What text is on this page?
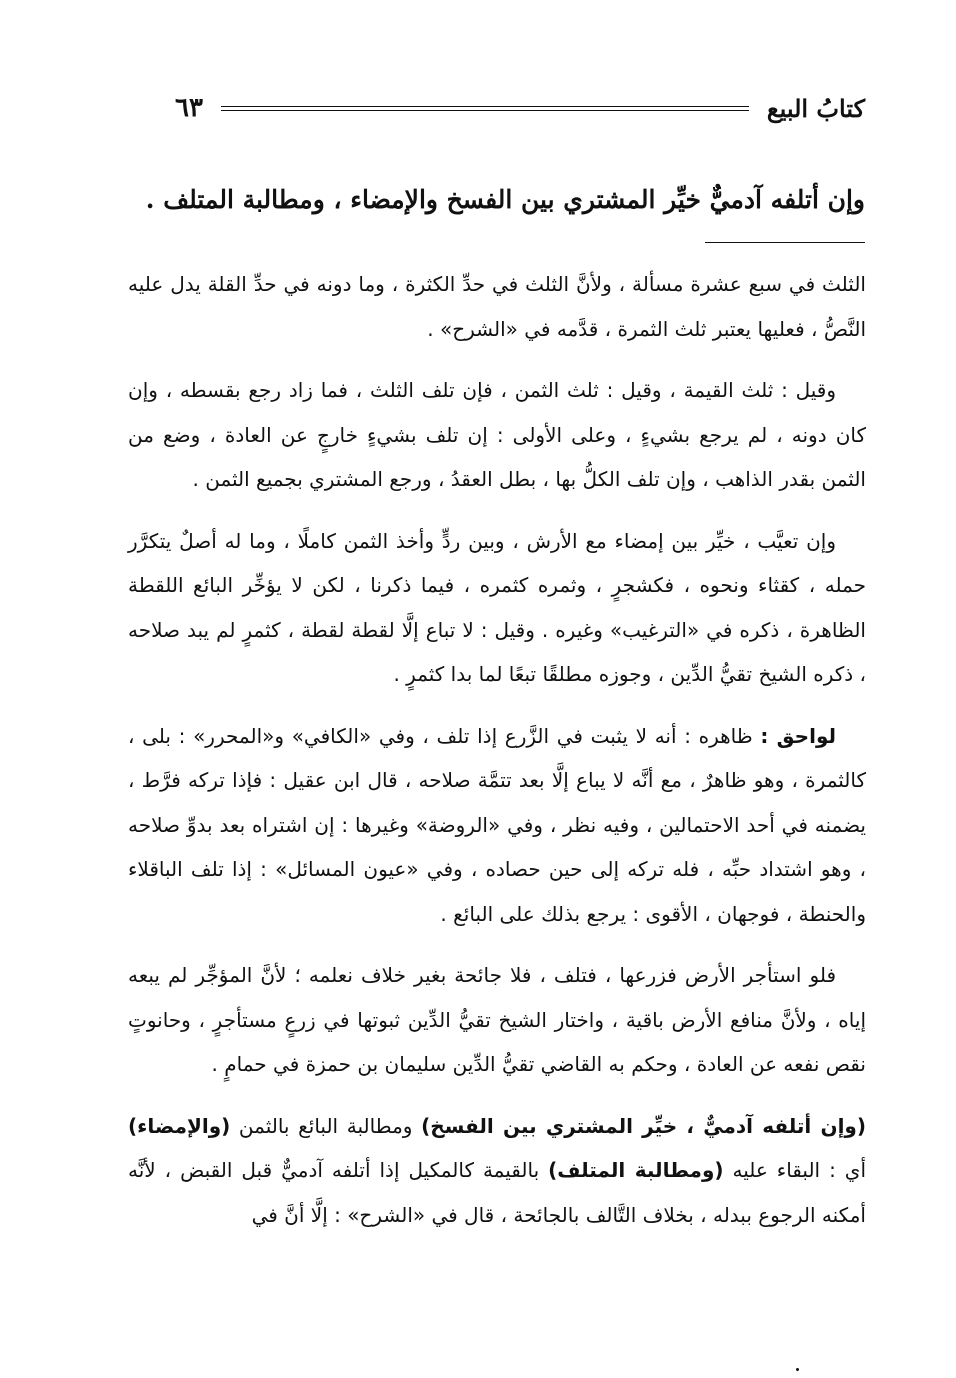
كتابُ البيع
٦٣
وإن أتلفه آدميٌّ خيِّر المشتري بين الفسخ والإمضاء ، ومطالبة المتلف .

الثلث في سبع عشرة مسألة ، ولأنَّ الثلث في حدِّ الكثرة ، وما دونه في حدِّ القلة يدل عليه النَّصُّ ، فعليها يعتبر ثلث الثمرة ، قدَّمه في «الشرح» .

وقيل : ثلث القيمة ، وقيل : ثلث الثمن ، فإن تلف الثلث ، فما زاد رجع بقسطه ، وإن كان دونه ، لم يرجع بشيءٍ ، وعلى الأولى : إن تلف بشيءٍ خارجٍ عن العادة ، وضع من الثمن بقدر الذاهب ، وإن تلف الكلُّ بها ، بطل العقدُ ، ورجع المشتري بجميع الثمن .

وإن تعيَّب ، خيِّر بين إمضاء مع الأرش ، وبين ردٍّ وأخذ الثمن كاملًا ، وما له أصلٌ يتكرَّر حمله ، كقثاء ونحوه ، فكشجرٍ ، وثمره كثمره ، فيما ذكرنا ، لكن لا يؤخِّر البائع اللقطة الظاهرة ، ذكره في «الترغيب» وغيره . وقيل : لا تباع إلَّا لقطة لقطة ، كثمرٍ لم يبد صلاحه ، ذكره الشيخ تقيُّ الدِّين ، وجوزه مطلقًا تبعًا لما بدا كثمرٍ .

لواحق : ظاهره : أنه لا يثبت في الزَّرع إذا تلف ، وفي «الكافي» و«المحرر» : بلى ، كالثمرة ، وهو ظاهرٌ ، مع أنَّه لا يباع إلَّا بعد تتمَّة صلاحه ، قال ابن عقيل : فإذا تركه فرَّط ، يضمنه في أحد الاحتمالين ، وفيه نظر ، وفي «الروضة» وغيرها : إن اشتراه بعد بدوِّ صلاحه ، وهو اشتداد حبِّه ، فله تركه إلى حين حصاده ، وفي «عيون المسائل» : إذا تلف الباقلاء والحنطة ، فوجهان ، الأقوى : يرجع بذلك على البائع .

فلو استأجر الأرض فزرعها ، فتلف ، فلا جائحة بغير خلاف نعلمه ؛ لأنَّ المؤجِّر لم يبعه إياه ، ولأنَّ منافع الأرض باقية ، واختار الشيخ تقيُّ الدِّين ثبوتها في زرعٍ مستأجرٍ ، وحانوتٍ نقص نفعه عن العادة ، وحكم به القاضي تقيُّ الدِّين سليمان بن حمزة في حمامٍ .

(وإن أتلفه آدميٌّ ، خيِّر المشتري بين الفسخ) ومطالبة البائع بالثمن (والإمضاء) أي : البقاء عليه (ومطالبة المتلف) بالقيمة كالمكيل إذا أتلفه آدميٌّ قبل القبض ، لأنَّه أمكنه الرجوع ببدله ، بخلاف التَّالف بالجائحة ، قال في «الشرح» : إلَّا أنَّ في
